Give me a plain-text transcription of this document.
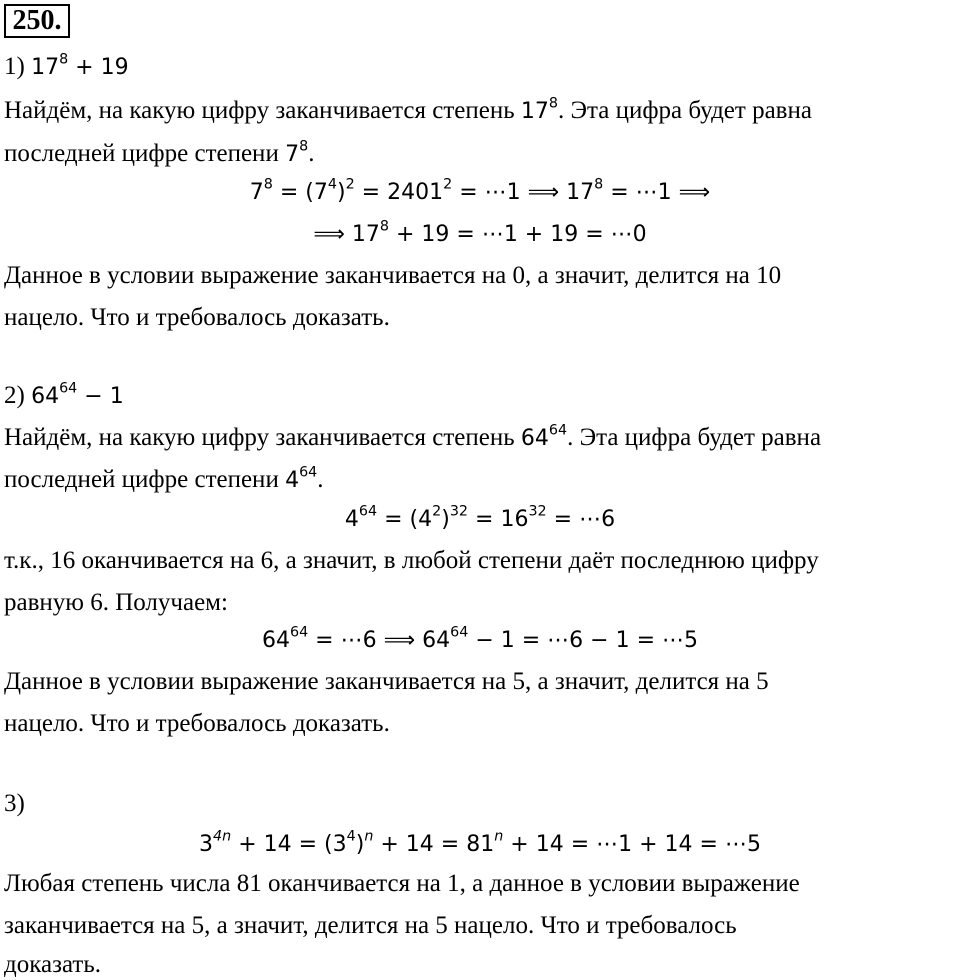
250.
1) $17^8 + 19$
Найдём, на какую цифру заканчивается степень $17^8$. Эта цифра будет равна
последней цифре степени $7^8$.
$7^8 = (7^4)^2 = 2401^2$ = ⋯1 ⟹ $17^8$ = ⋯1 ⟹
⟹ $17^8 + 19$ = ⋯1 + 19 = ⋯0
Данное в условии выражение заканчивается на 0, а значит, делится на 10
нацело. Что и требовалось доказать.
2) $64^{64} - 1$
Найдём, на какую цифру заканчивается степень $64^{64}$. Эта цифра будет равна
последней цифре степени $4^{64}$.
$4^{64} = (4^2)^{32} = 16^{32}$ = ⋯6
т.к., 16 оканчивается на 6, а значит, в любой степени даёт последнюю цифру
равную 6. Получаем:
$64^{64}$ = ⋯6 ⟹ $64^{64} - 1$ = ⋯6 − 1 = ⋯5
Данное в условии выражение заканчивается на 5, а значит, делится на 5
нацело. Что и требовалось доказать.
3)
$3^{4n} + 14 = (3^4)^n + 14 = 81^n + 14$ = ⋯1 + 14 = ⋯5
Любая степень числа 81 оканчивается на 1, а данное в условии выражение
заканчивается на 5, а значит, делится на 5 нацело. Что и требовалось
доказать.
